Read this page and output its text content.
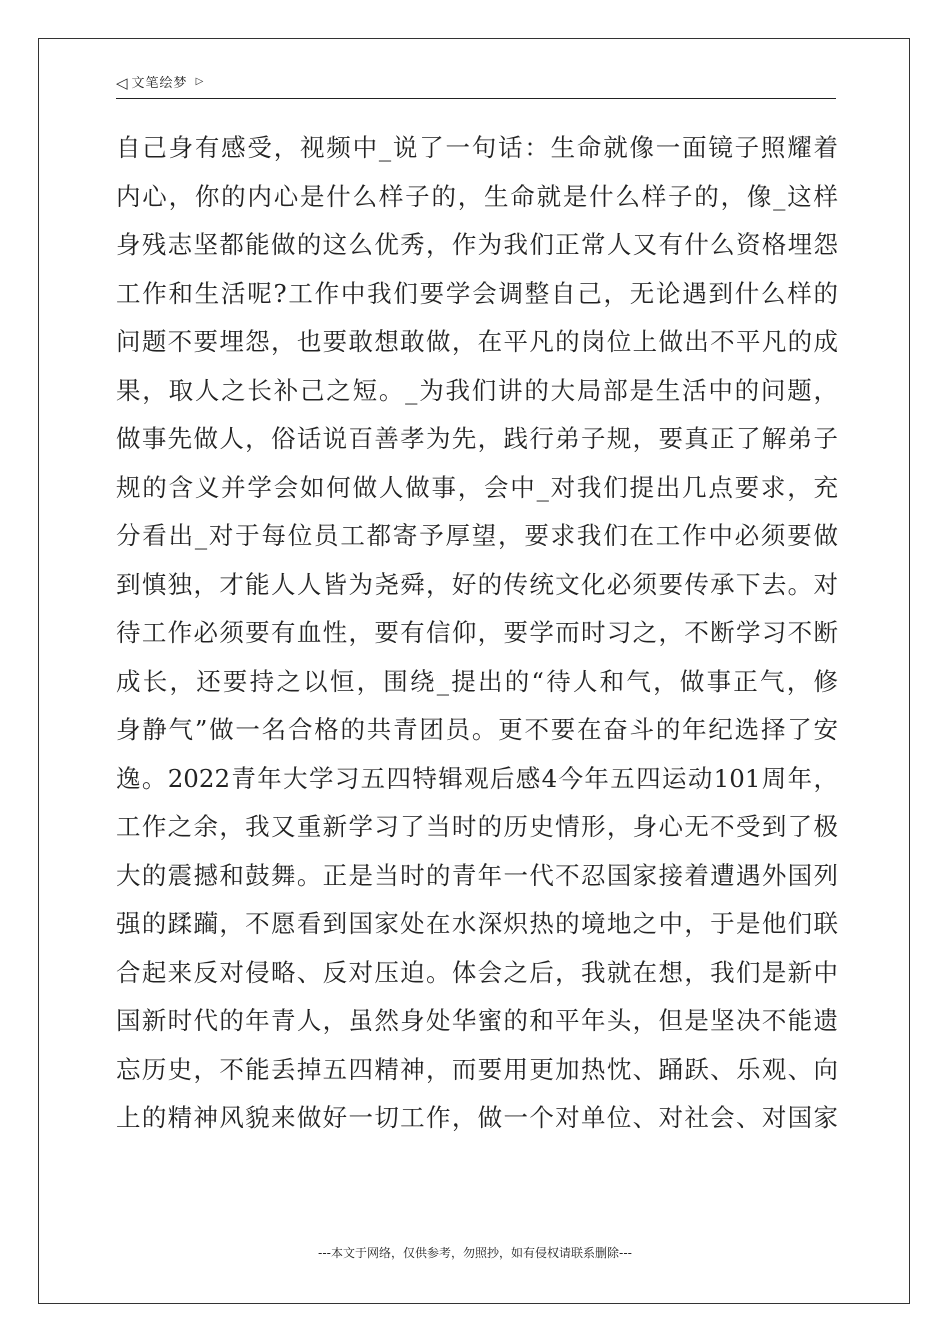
◁ 文笔绘梦 ▷
自己身有感受，视频中_说了一句话：生命就像一面镜子照耀着
内心，你的内心是什么样子的，生命就是什么样子的，像_这样
身残志坚都能做的这么优秀，作为我们正常人又有什么资格埋怨
工作和生活呢?工作中我们要学会调整自己，无论遇到什么样的
问题不要埋怨，也要敢想敢做，在平凡的岗位上做出不平凡的成
果，取人之长补己之短。_为我们讲的大局部是生活中的问题，
做事先做人，俗话说百善孝为先，践行弟子规，要真正了解弟子
规的含义并学会如何做人做事，会中_对我们提出几点要求，充
分看出_对于每位员工都寄予厚望，要求我们在工作中必须要做
到慎独，才能人人皆为尧舜，好的传统文化必须要传承下去。对
待工作必须要有血性，要有信仰，要学而时习之，不断学习不断
成长，还要持之以恒，围绕_提出的“待人和气，做事正气，修
身静气”做一名合格的共青团员。更不要在奋斗的年纪选择了安
逸。2022青年大学习五四特辑观后感4今年五四运动101周年，
工作之余，我又重新学习了当时的历史情形，身心无不受到了极
大的震撼和鼓舞。正是当时的青年一代不忍国家接着遭遇外国列
强的蹂躏，不愿看到国家处在水深炽热的境地之中，于是他们联
合起来反对侵略、反对压迫。体会之后，我就在想，我们是新中
国新时代的年青人，虽然身处华蜜的和平年头，但是坚决不能遗
忘历史，不能丢掉五四精神，而要用更加热忱、踊跃、乐观、向
上的精神风貌来做好一切工作，做一个对单位、对社会、对国家
---本文于网络，仅供参考，勿照抄，如有侵权请联系删除---
